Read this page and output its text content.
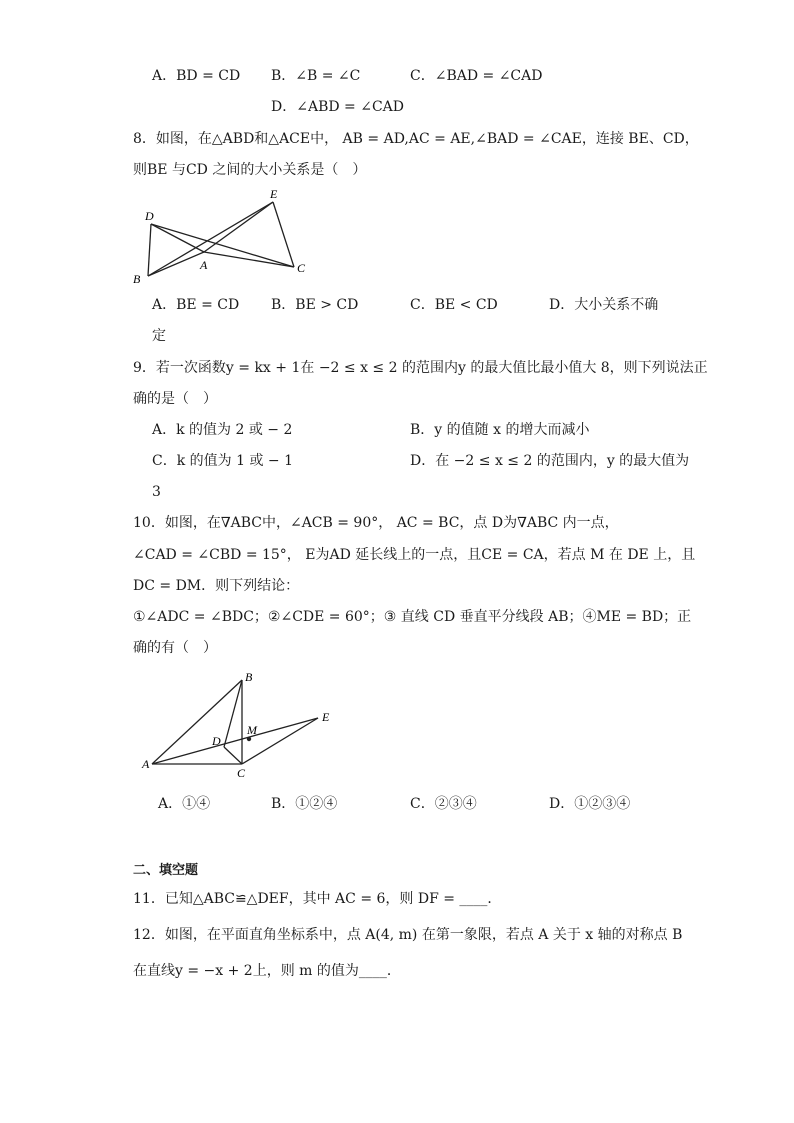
A．BD = CD B．∠B = ∠C	C．∠BAD = ∠CAD
D．∠ABD = ∠CAD
8．如图，在△ABD和△ACE中， AB = AD,AC = AE,∠BAD = ∠CAE，连接 BE、CD，
则BE 与CD 之间的大小关系是（　）
D
E
A
B
C
A．BE = CD B．BE > CD	C．BE < CD	D．大小关系不确
定
9．若一次函数y = kx + 1在 −2 ≤ x ≤ 2 的范围内y 的最大值比最小值大 8，则下列说法正
确的是（　）
A．k 的值为 2 或 − 2	B．y 的值随 x 的增大而减小
C．k 的值为 1 或 − 1	D．在 −2 ≤ x ≤ 2 的范围内，y 的最大值为
3
10．如图，在∇ABC中，∠ACB = 90°， AC = BC，点 D为∇ABC 内一点，
∠CAD = ∠CBD = 15°， E为AD 延长线上的一点，且CE = CA，若点 M 在 DE 上，且
DC = DM．则下列结论：
①∠ADC = ∠BDC；②∠CDE = 60°；③ 直线 CD 垂直平分线段 AB；④ME = BD；正
确的有（　）
B
E
M
D
A
C
A．①④	B．①②④	C．②③④	D．①②③④
二、填空题
11．已知△ABC≌△DEF，其中 AC = 6，则 DF = ____．
12．如图，在平面直角坐标系中，点 A(4, m) 在第一象限，若点 A 关于 x 轴的对称点 B
在直线y = −x + 2上，则 m 的值为____．
